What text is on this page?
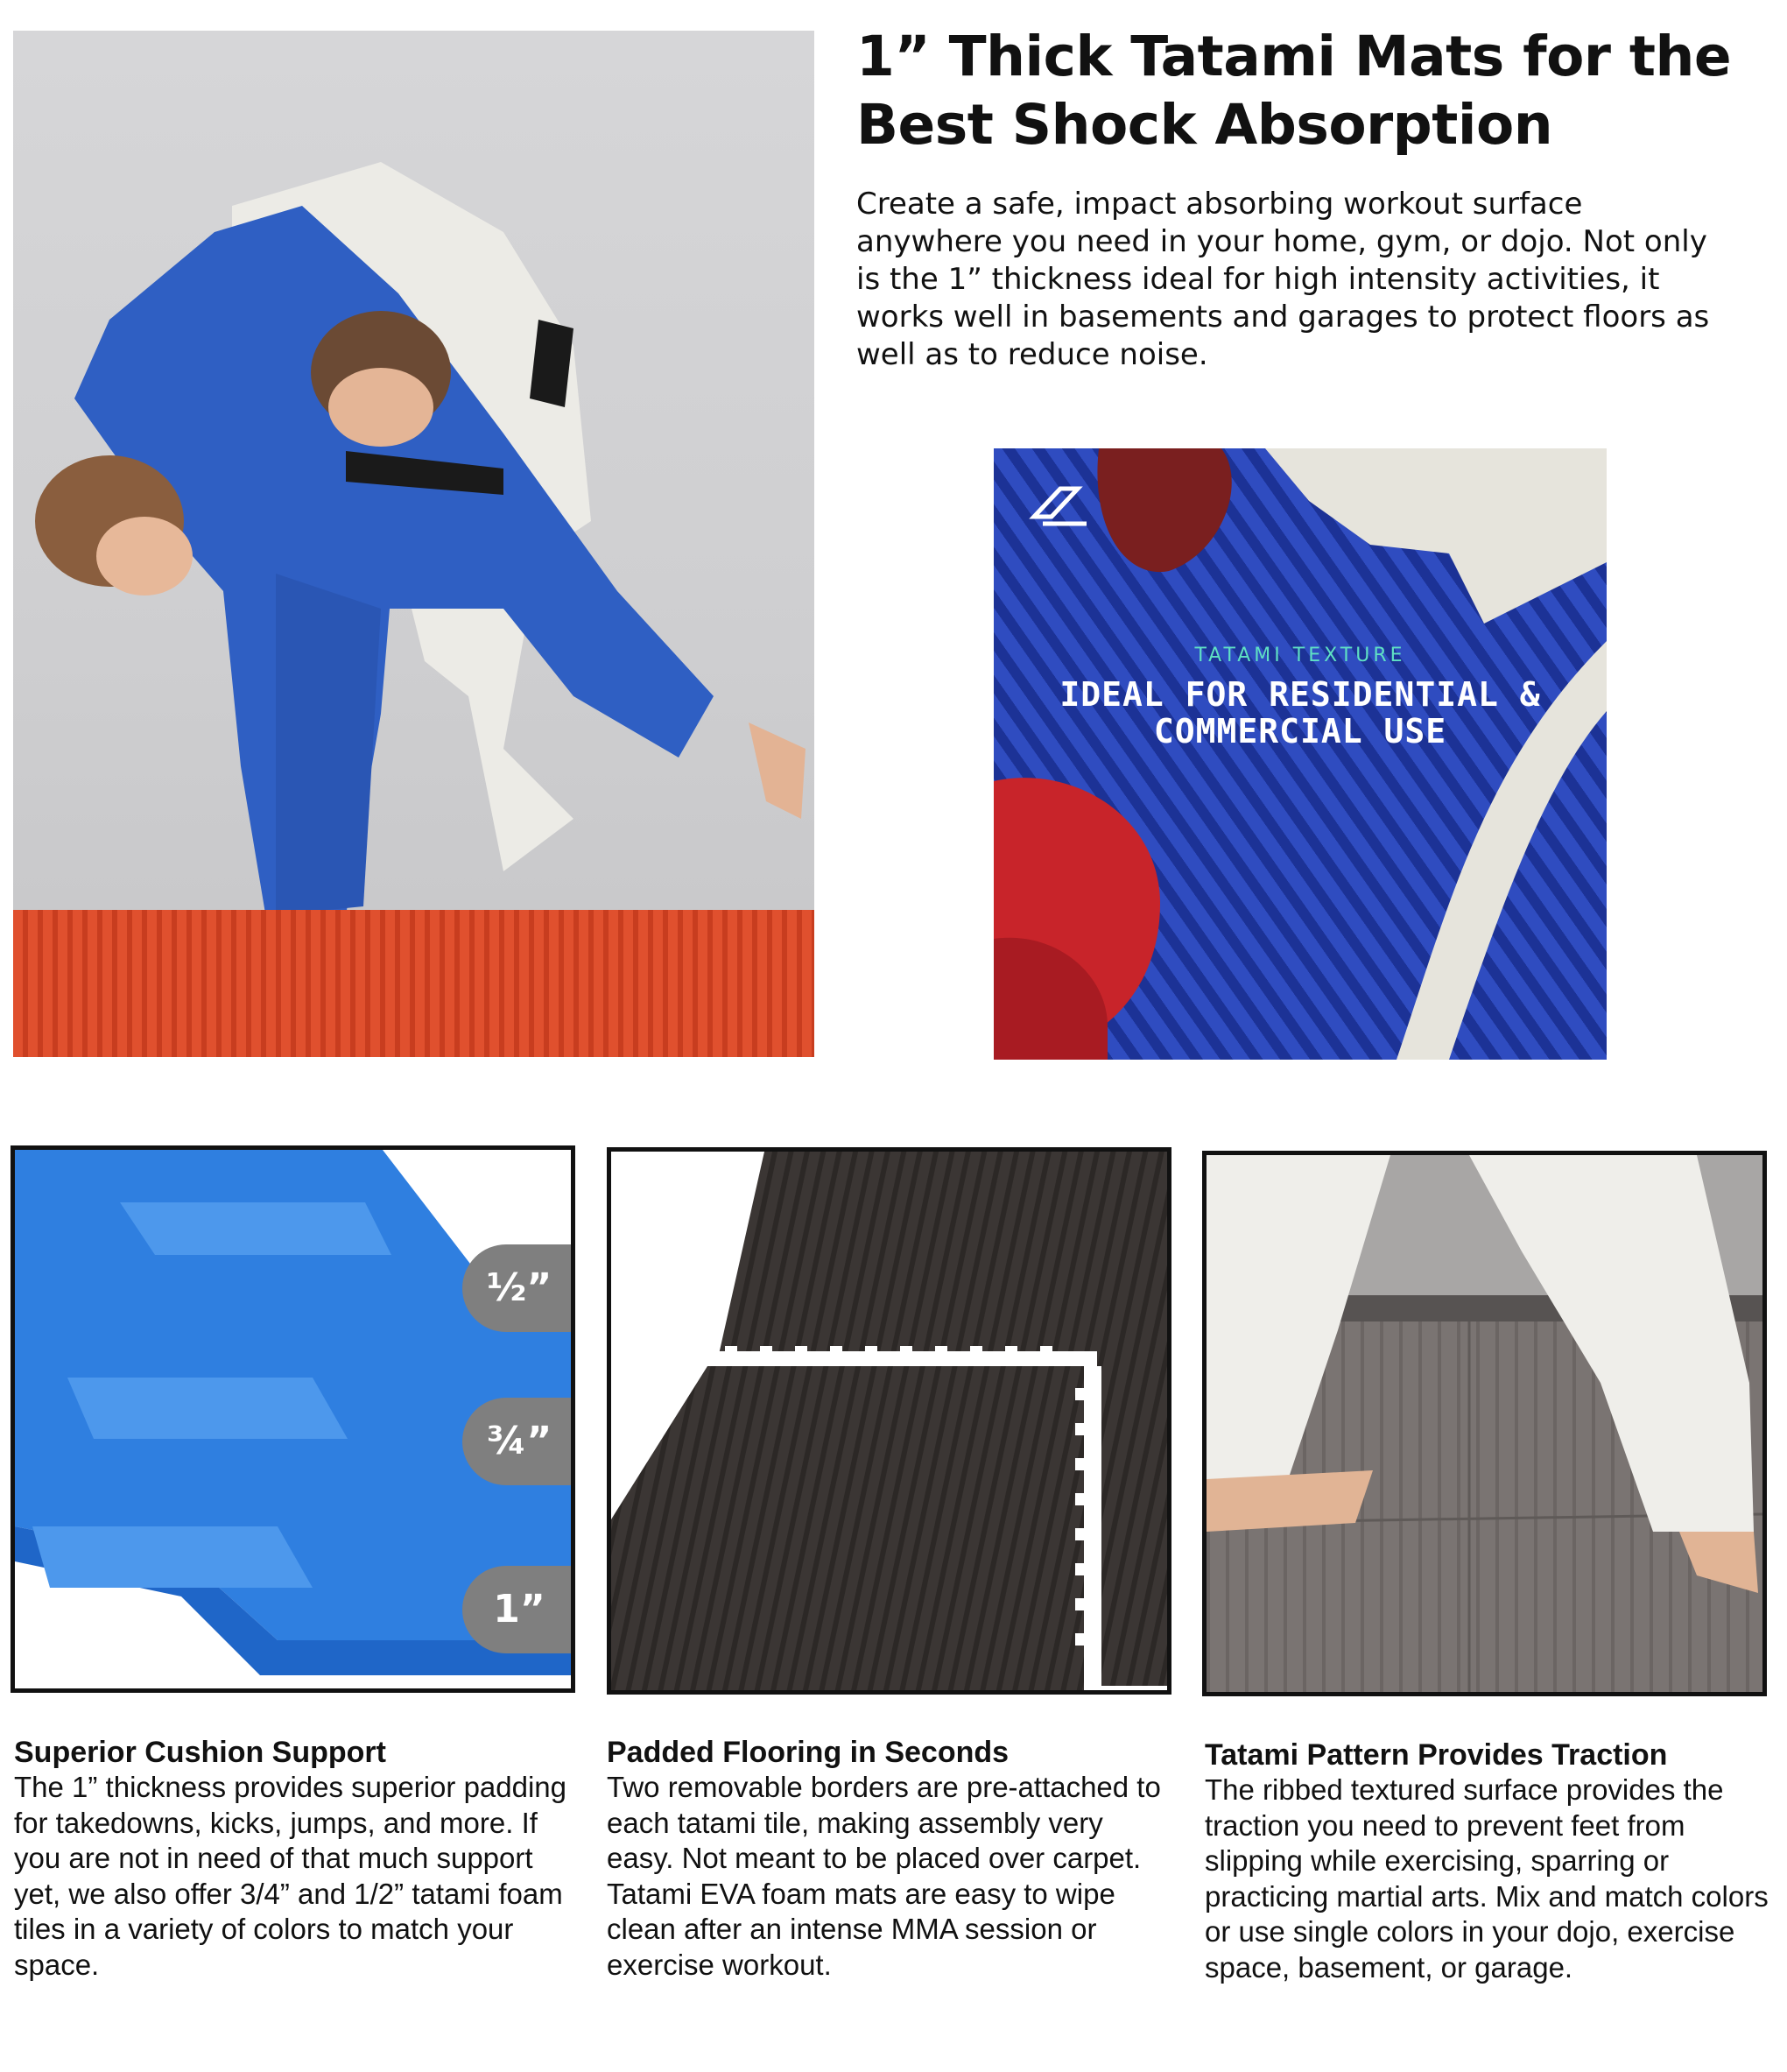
1” Thick Tatami Mats for the
Best Shock Absorption

Create a safe, impact absorbing workout surface anywhere you need in your home, gym, or dojo. Not only is the 1” thickness ideal for high intensity activities, it works well in basements and garages to protect floors as well as to reduce noise.

TATAMI TEXTURE
IDEAL FOR RESIDENTIAL &
COMMERCIAL USE
½”
¾”
1”

Superior Cushion Support

The 1” thickness provides superior padding for takedowns, kicks, jumps, and more. If you are not in need of that much support yet, we also offer 3/4” and 1/2” tatami foam tiles in a variety of colors to match your space.

Padded Flooring in Seconds

Two removable borders are pre-attached to each tatami tile, making assembly very easy. Not meant to be placed over carpet. Tatami EVA foam mats are easy to wipe clean after an intense MMA session or exercise workout.

Tatami Pattern Provides Traction

The ribbed textured surface provides the traction you need to prevent feet from slipping while exercising, sparring or practicing martial arts. Mix and match colors or use single colors in your dojo, exercise space, basement, or garage.
